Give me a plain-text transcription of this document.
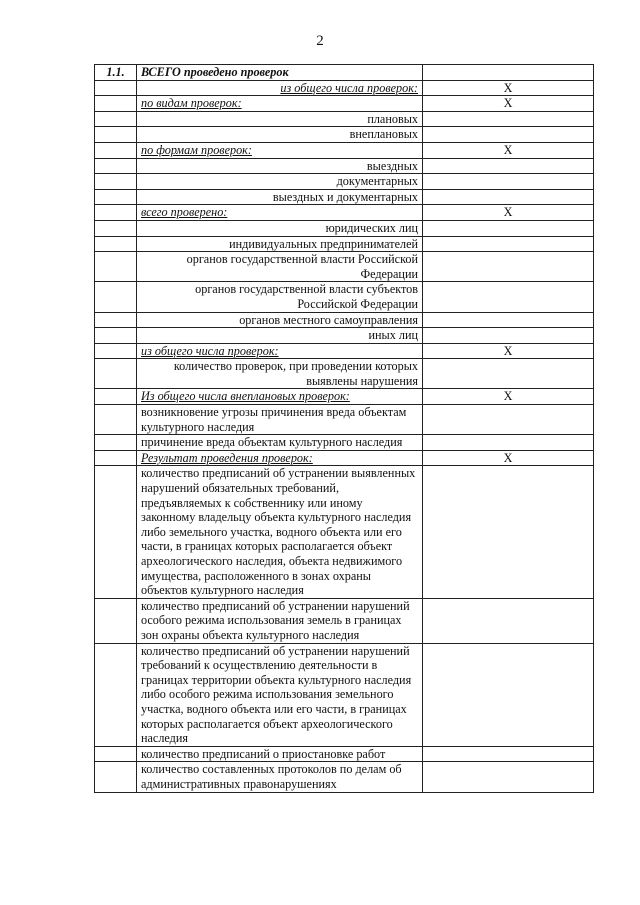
2
1.1.	ВСЕГО проведено проверок	
	из общего числа проверок:	X
	по видам проверок:	X
	плановых	
	внеплановых	
	по формам проверок:	X
	выездных	
	документарных	
	выездных и документарных	
	всего проверено:	X
	юридических лиц	
	индивидуальных предпринимателей	
	органов государственной власти Российской Федерации	
	органов государственной власти субъектов Российской Федерации	
	органов местного самоуправления	
	иных лиц	
	из общего числа проверок:	X
	количество проверок, при проведении которых выявлены нарушения	
	Из общего числа внеплановых проверок:	X
	возникновение угрозы причинения вреда объектам культурного наследия	
	причинение вреда объектам культурного наследия	
	Результат проведения проверок:	X
	количество предписаний об устранении выявленных нарушений обязательных требований, предъявляемых к собственнику или иному законному владельцу объекта культурного наследия либо земельного участка, водного объекта или его части, в границах которых располагается объект археологического наследия, объекта недвижимого имущества, расположенного в зонах охраны объектов культурного наследия	
	количество предписаний об устранении нарушений особого режима использования земель в границах зон охраны объекта культурного наследия	
	количество предписаний об устранении нарушений требований к осуществлению деятельности в границах территории объекта культурного наследия либо особого режима использования земельного участка, водного объекта или его части, в границах которых располагается объект археологического наследия	
	количество предписаний о приостановке работ	
	количество составленных протоколов по делам об административных правонарушениях	
